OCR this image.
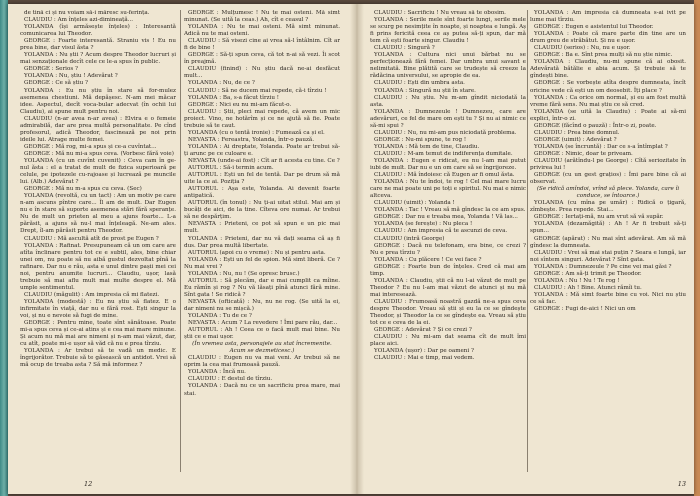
de tină ci și nu voiam să-i măresc su-ferința.

CLAUDIU : Am înțeles azi-dimineață...

YOLANDA (își armăsește înțeles) : Interesantă comunicarea lui Theodor.

GEORGE : Foarte interesantă. Straniu vis ! Eu nu prea bine, dar visul ăsta ?

YOLANDA : Nu știi ? Acum despre Theodor lucruri și mai senzaționale decît cele ce le-a spus în public.

GEORGE : Serios ?

YOLANDA : Nu, știu ! Adevărat ?

GEORGE : Ce să știu ?

YOLANDA : Eu nu știu în stare să for-mulez asemenea chestiuni. Mă depășesc. N-am mei măcar idee. Aspectul, decît voca-bular adecvat (în ochii lui Claudiu), ai spune mult pentru noi.

CLAUDIU (n-ar avea n-ar avea) : Elvira e o femeie admirabilă, dar are prea multă personalitate. Pe cînd profesorul, adică Theodor, fascinează pe noi prin ideile lui. Atrage multe femei.

GEORGE : Mă rog, mi-a spus și ce-a cuvîntat...

GEORGE : Mă nu mi-a spus ceva. (Vorbesc fără voie)

YOLANDA (cu un cuvînt cuvenit) : Ceva cam în ge-nul ăsta : el a tratat de mult de fizica superioară pe celule, pe ipotezele cu-rajoase și lucrează pe muncile lui. (Alb.) Adevărat ?

GEORGE : Mă nu m-a spus cu ceva. (Sec)

YOLANDA (revoltă, cu un tact) : Am un motiv pe care n-am ascuns pîntre care... Îl am de mult. Dar Eugen nu e în stare să suporte asemenea stări fără speranțe. Nu de mult un prieten al meu a ajuns foarte... L-a părăsit, a ajuns să nu-l mai înțeleagă. Ne-am ales. Drept, îl-am părăsit pentru Theodor.

CLAUDIU : Mă ascultă atît de prost pe Eugen ?

YOLANDA : Rafinat. Presupuneam că un om care are atîta înclinare pentru tot ce e subtil, ales, bine chiar unei om, nu poate să nu aibă gustul dezvoltat pînă la rafinare. Dar nu e rău, asta e unul dintre pașii mei cei noi, pentru anumite lucruri... Claudiu, ușor, lasă trebuie să mai aflu mult mai multe despre el. Mă umple sentimentul.

CLAUDIU (măgulit) : Am impresia că mi flatezi.

YOLANDA (modestă) : Eu nu știu să flatez. E o infirmitate în viață, dar nu e fără rost. Ești singur la voi, și nu e nevoie să fugi de mine.

GEORGE : Pentru mine, toate sînt sănătoase. Poate mi-a spus ceva și ce-ai atins și e cea mai mare minune. Și acum nu mă mai are nimeni și n-am mai văzut, dar, cu atît, poate mi-e ușor să văd că nu e prea tîrziu.

YOLANDA : Ar trebui să te vadă un medic. E îngrijorător. Trebuie să te găsească un antidot. Vrei să mă ocup de treaba asta ? Să mă informez ?

GEORGE : Mulțumesc ! Nu te mai osteni. Mă simt minunat. (Se uită la ceas.) Ah, cît e ceasul ?

YOLANDA : Nu te mai osteni. Mă simt minunat. Adică nu te mai osteni.

CLAUDIU : Să visezi cine ai vrea să-l întâlnim. Cît ar fi de bine !

GEORGE : Să-ți spun ceva, că tot n-ai să vezi. Îi scot în preajmă.

CLAUDIU (finind) : Nu știu dacă ne-ai desfăcut mult...

YOLANDA : Nu, de ce ?

CLAUDIU : Să ne ducem mai repede, că-i tîrziu !

YOLANDA : Ba, s-a făcut tîrziu !

GEORGE : Nici eu nu mi-am făcut-o.

CLAUDIU : Știi, pleci mai repede, că avem un mic proiect. Vino, ne hotărîm și ce ne ajută să fie. Poate trebuie să te caut.

YOLANDA (cu o tentă ironie) : Fumează ca și el.

NEVASTA : Fereastra, Yolanda, într-o pauză.

YOLANDA : Ai dreptate, Yolanda. Poate ar trebui să-ți arunc pe ce culoare e.

NEVASTA (unde-ai fost) : Cît ar fi acesta cu tine. Ce ?

AUTORUL : Să-i termin acum.

AUTORUL : Ești un fel de tentă. Dar pe drum să mă uite la ce ai. Poziția ?

AUTORUL : Așa este, Yolanda. Ai devenit foarte antipatică.

AUTORUL (în tonul) : Nu ți-ai uitat stilul. Mai am și bucăți de aici, de la tine. Cîteva ore numai. Ar trebui să ne despărțim.

NEVASTA : Prieteni, ce pot să spun e un pic mai mult.

YOLANDA : Prieteni, dar nu vă dați seama că aș fi dus. Dar prea multă libertate.

AUTORUL (apoi cu o vreme) : Nu și pentru asta.

YOLANDA : Ești un fel de spion. Mă simt liberă. Ce ? Nu mai vrei ?

YOLANDA : Nu, nu ! (Se opresc brusc.)

AUTORUL : Să plecăm, dar e mai cumplit ca mîine. Eu rămîn și rog ? Nu vă lăsați pînă atunci fără mine. Sînt gata ! Se ridică ?

NEVASTA (ofticată) : Nu, nu ne rog. (Se uită la ei, dar nimeni nu se mișcă.)

YOLANDA : Tu de ce ?

NEVASTA : Acum ? La revedere ! Îmi pare rău, dar...

AUTORUL : Ah ! Ceea ce o facă mult mai bine. Nu știi ce e mai ușor.

(În vremea asta, personajele au stat încremenite. Acum se dezmeticesc.)

CLAUDIU : Eugen nu va mai veni. Ar trebui să ne oprim la cea mai frumoasă pauză.

YOLANDA : Încă nu.

CLAUDIU : E destul de tîrziu.

YOLANDA : Dacă nu ce un sacrificiu prea mare, mai stai.

12

CLAUDIU : Sacrificiu ! Nu vreau să te obosim.

YOLANDA : Serile mele sînt foarte lungi, serile mele se scurg pe nesimțite în noapte, și noaptea e lungă. Aș fi prins fericită ceea ce aș putea să-ți spun, dar mă tem că ești foarte singur. Claudiu !

CLAUDIU : Singură ?

YOLANDA : Cultura nici unui bărbat nu se perfecționează fără femei. Dar umbra unui savant e nelimitată. Bine plătită care se trudește să creeze la rădăcina universului, se apropie de ea.

CLAUDIU : Ești din umbra asta.

YOLANDA : Singură nu știi în stare.

CLAUDIU : Nu știu. Nu m-am gîndit niciodată la asta.

YOLANDA : Dumnezeule ! Dumnezeu, care are adevăruri, ce fel de mare om ești tu ? Și nu ai nimic ce să-mi spui ?

CLAUDIU : Nu, nu mi-am pus niciodată problema.

GEORGE : Nu-mi spune, te rog !

YOLANDA : Mă tem de tine, Claudiu.

CLAUDIU : M-am temut de indiferența dumitale.

YOLANDA : Eugen e ridicat, eu nu l-am mai putut iubi de mult. Dar nu e un om care să se îngrijoreze.

CLAUDIU : Mă îndoiesc că Eugen ar fi omul ăsta.

YOLANDA : Nu te îndoi, te rog ! Cel mai mare lucru care ne mai poate uni pe toți e spiritul. Nu mai e nimic altceva.

CLAUDIU (uimit) : Yolanda !

YOLANDA : Tac ! Vreau să mă gîndesc la ce am spus.

GEORGE : Dar nu e treaba mea, Yolanda ! Vă las...

YOLANDA (se ferește) : Nu pleca !

CLAUDIU : Am impresia că te ascunzi de ceva.

CLAUDIU (intră George)

GEORGE : Dacă nu telefonam, era bine, ce crezi ? Nu e prea tîrziu ?

YOLANDA : Cu plăcere ! Ce vei face ?

GEORGE : Foarte bun de înțeles. Cred că mai am timp.

YOLANDA : Claudiu, știi că nu l-ai văzut de mult pe Theodor ? Eu nu l-am mai văzut de atunci și nu mă mai interesează.

CLAUDIU : Frumoasă noastră gazdă ne-a spus ceva despre Theodor. Vreau să știi și eu la ce se gîndește Theodor, și Theodor la ce se gîndește ea. Vreau să știu tot ce e ceva de la ei.

GEORGE : Adevărat ? Și ce crezi ?

CLAUDIU : Nu mi-am dat seama cît de mult îmi place aici.

YOLANDA (ușor) : Dar pe oameni ?

CLAUDIU : Mai e timp, mai vedem.

YOLANDA : Am impresia că dumneata s-ai ivit pe lume mai tîrziu.

GEORGE : Eugen e asistentul lui Theodor.

YOLANDA : Poate că mare parte din tine are un drum greu de străbătut. Și nu e ușor.

CLAUDIU (serios) : Nu, nu e ușor.

GEORGE : Ba e. Sînt prea mulți să nu știe nimic.

YOLANDA : Claudiu, nu-mi spune că ai obosit. Adevărată bătălie e abia acum. Și trebuie să te gîndești bine.

GEORGE : Se vorbește atîta despre dumneata, încît oricine vede că ești un om deosebit. Îți place ?

YOLANDA : Ca orice om normal, și eu am fost multă vreme fără sens. Nu mai știu ce să cred.

YOLANDA (se uită la Claudiu) : Poate ai să-mi explici, într-o zi.

GEORGE (făcînd o pauză) : Într-o zi, poate.

CLAUDIU : Prea bine domnul.

GEORGE (uimit) : Adevărat ?

YOLANDA (se încruntă) : Dar ce s-a întîmplat ?

GEORGE : Nimic, doar te priveam.

CLAUDIU (arătîndu-l pe George) : Cîtă seriozitate în privirea lui !

GEORGE (cu un gest grațios) : Îmi pare bine că ai observat.

(Se ridică amîndoi, vrînd să plece. Yolanda, care îi conduce, se întoarce.)

YOLANDA (cu mîna pe umăr) : Ridică o țigară, zîmbește. Prea repede. Stai...

GEORGE : Iertați-mă, nu am vrut să vă supăr.

YOLANDA (dezamăgită) : Ah ! Ar fi trebuit să-ți spun...

GEORGE (apărat) : Nu mai sînt adevărat. Am să mă gîndesc la dumneata.

CLAUDIU : Vrei să mai stai puțin ? Seara e lungă, iar noi sîntem singuri. Adevărat ? Sînt gata.

YOLANDA : Dumnezeule ? Pe cine vei mai găsi ?

GEORGE : Am să-ți trimit pe Theodor.

YOLANDA : Nu ! Nu ! Te rog !

CLAUDIU : Ah ! Bine. Atunci rămîi tu.

YOLANDA : Mă simt foarte bine cu voi. Nici nu știu ce să fac.

GEORGE : Fugi de-aici ! Nici un om

13
